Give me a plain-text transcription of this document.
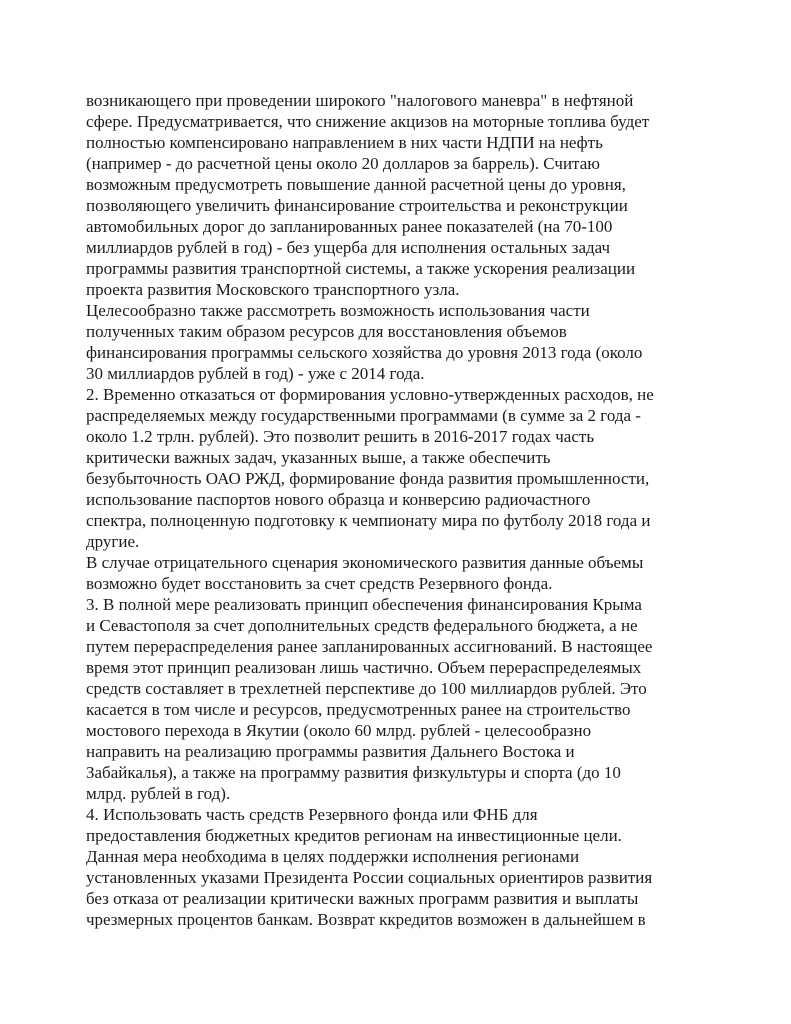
возникающего при проведении широкого "налогового маневра" в нефтяной
сфере. Предусматривается, что снижение акцизов на моторные топлива будет
полностью компенсировано направлением в них части НДПИ на нефть
(например - до расчетной цены около 20 долларов за баррель). Считаю
возможным предусмотреть повышение данной расчетной цены до уровня,
позволяющего увеличить финансирование строительства и реконструкции
автомобильных дорог до запланированных ранее показателей (на 70-100
миллиардов рублей в год) - без ущерба для исполнения остальных задач
программы развития транспортной системы, а также ускорения реализации
проекта развития Московского транспортного узла.
Целесообразно также рассмотреть возможность использования части
полученных таким образом ресурсов для восстановления объемов
финансирования программы сельского хозяйства до уровня 2013 года (около
30 миллиардов рублей в год) - уже с 2014 года.
2. Временно отказаться от формирования условно-утвержденных расходов, не
распределяемых между государственными программами (в сумме за 2 года -
около 1.2 трлн. рублей). Это позволит решить в 2016-2017 годах часть
критически важных задач, указанных выше, а также обеспечить
безубыточность ОАО РЖД, формирование фонда развития промышленности,
использование паспортов нового образца и конверсию радиочастного
спектра, полноценную подготовку к чемпионату мира по футболу 2018 года и
другие.
В случае отрицательного сценария экономического развития данные объемы
возможно будет восстановить за счет средств Резервного фонда.
3. В полной мере реализовать принцип обеспечения финансирования Крыма
и Севастополя за счет дополнительных средств федерального бюджета, а не
путем перераспределения ранее запланированных ассигнований. В настоящее
время этот принцип реализован лишь частично. Объем перераспределеямых
средств составляет в трехлетней перспективе до 100 миллиардов рублей. Это
касается в том числе и ресурсов, предусмотренных ранее на строительство
мостового перехода в Якутии (около 60 млрд. рублей - целесообразно
направить на реализацию программы развития Дальнего Востока и
Забайкалья), а также на программу развития физкультуры и спорта (до 10
млрд. рублей в год).
4. Использовать часть средств Резервного фонда или ФНБ для
предоставления бюджетных кредитов регионам на инвестиционные цели.
Данная мера необходима в целях поддержки исполнения регионами
установленных указами Президента России социальных ориентиров развития
без отказа от реализации критически важных программ развития и выплаты
чрезмерных процентов банкам. Возврат ккредитов возможен в дальнейшем в
